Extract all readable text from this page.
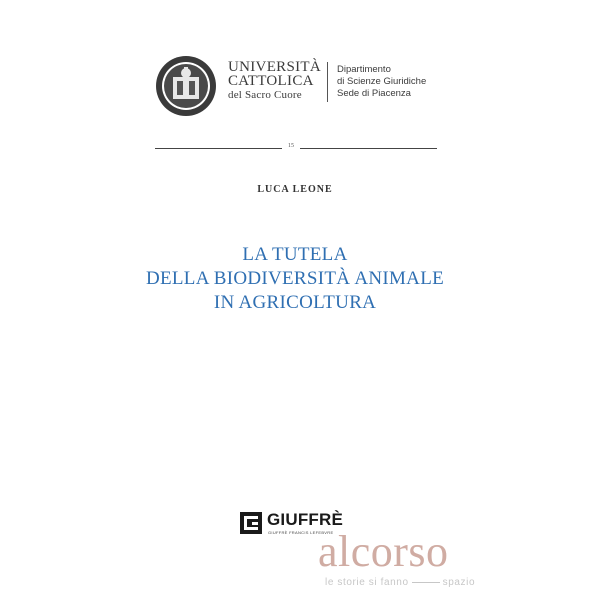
UNIVERSITÀ
CATTOLICA
del Sacro Cuore
Dipartimento
di Scienze Giuridiche
Sede di Piacenza
15
LUCA LEONE
LA TUTELA
DELLA BIODIVERSITÀ ANIMALE
IN AGRICOLTURA
GIUFFRÈ
GIUFFRÈ FRANCIS LEFEBVRE
alcorso
le storie si fanno	spazio
